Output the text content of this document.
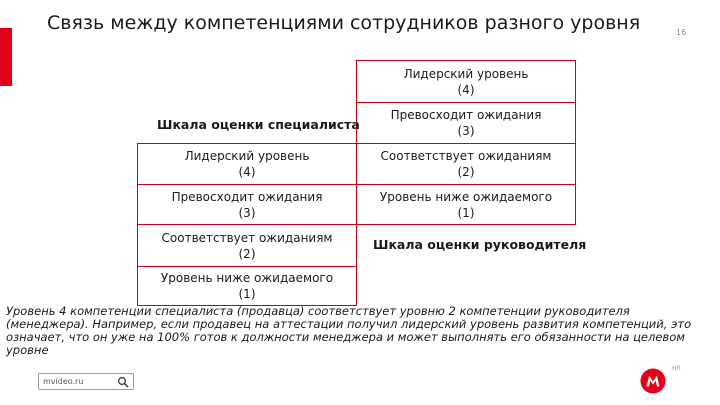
Связь между компетенциями сотрудников разного уровня	16
Лидерский уровень
(4)
Превосходит ожидания
(3)
Соответствует ожиданиям
(2)
Уровень ниже ожидаемого
(1)
Шкала оценки специалиста
Лидерский уровень
(4)
Превосходит ожидания
(3)
Соответствует ожиданиям
(2)
Уровень ниже ожидаемого
(1)
Шкала оценки руководителя
Уровень 4 компетенции специалиста (продавца) соответствует уровню 2 компетенции руководителя (менеджера). Например, если продавец на аттестации получил лидерский уровень развития компетенций, это означает, что он уже на 100% готов к должности менеджера и может выполнять его обязанности на целевом уровне
mvideo.ru
HR
